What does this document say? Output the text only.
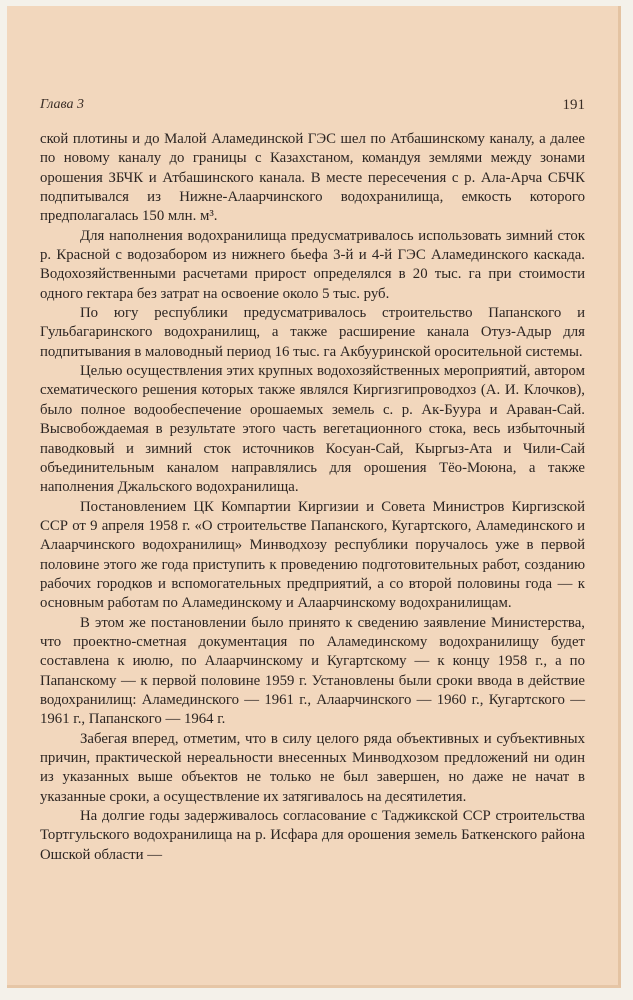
Глава 3	191

ской плотины и до Малой Аламединской ГЭС шел по Атбашинскому каналу, а далее по новому каналу до границы с Казахстаном, командуя землями между зонами орошения ЗБЧК и Атбашинского канала. В месте пересечения с р. Ала-Арча СБЧК подпитывался из Нижне-Алаарчинского водохранилища, емкость которого предполагалась 150 млн. м³.

Для наполнения водохранилища предусматривалось использовать зимний сток р. Красной с водозабором из нижнего бьефа 3-й и 4-й ГЭС Аламединского каскада. Водохозяйственными расчетами прирост определялся в 20 тыс. га при стоимости одного гектара без затрат на освоение около 5 тыс. руб.

По югу республики предусматривалось строительство Папанского и Гульбагаринского водохранилищ, а также расширение канала Отуз-Адыр для подпитывания в маловодный период 16 тыс. га Акбууринской оросительной системы.

Целью осуществления этих крупных водохозяйственных мероприятий, автором схематического решения которых также являлся Киргизгипроводхоз (А. И. Клочков), было полное водообеспечение орошаемых земель с. р. Ак-Буура и Араван-Сай. Высвобождаемая в результате этого часть вегетационного стока, весь избыточный паводковый и зимний сток источников Косуан-Сай, Кыргыз-Ата и Чили-Сай объединительным каналом направлялись для орошения Тёо-Моюна, а также наполнения Джальского водохранилища.

Постановлением ЦК Компартии Киргизии и Совета Министров Киргизской ССР от 9 апреля 1958 г. «О строительстве Папанского, Кугартского, Аламединского и Алаарчинского водохранилищ» Минводхозу республики поручалось уже в первой половине этого же года приступить к проведению подготовительных работ, созданию рабочих городков и вспомогательных предприятий, а со второй половины года — к основным работам по Аламединскому и Алаарчинскому водохранилищам.

В этом же постановлении было принято к сведению заявление Министерства, что проектно-сметная документация по Аламединскому водохранилищу будет составлена к июлю, по Алаарчинскому и Кугартскому — к концу 1958 г., а по Папанскому — к первой половине 1959 г. Установлены были сроки ввода в действие водохранилищ: Аламединского — 1961 г., Алаарчинского — 1960 г., Кугартского — 1961 г., Папанского — 1964 г.

Забегая вперед, отметим, что в силу целого ряда объективных и субъективных причин, практической нереальности внесенных Минводхозом предложений ни один из указанных выше объектов не только не был завершен, но даже не начат в указанные сроки, а осуществление их затягивалось на десятилетия.

На долгие годы задерживалось согласование с Таджикской ССР строительства Тортгульского водохранилища на р. Исфара для орошения земель Баткенского района Ошской области —
